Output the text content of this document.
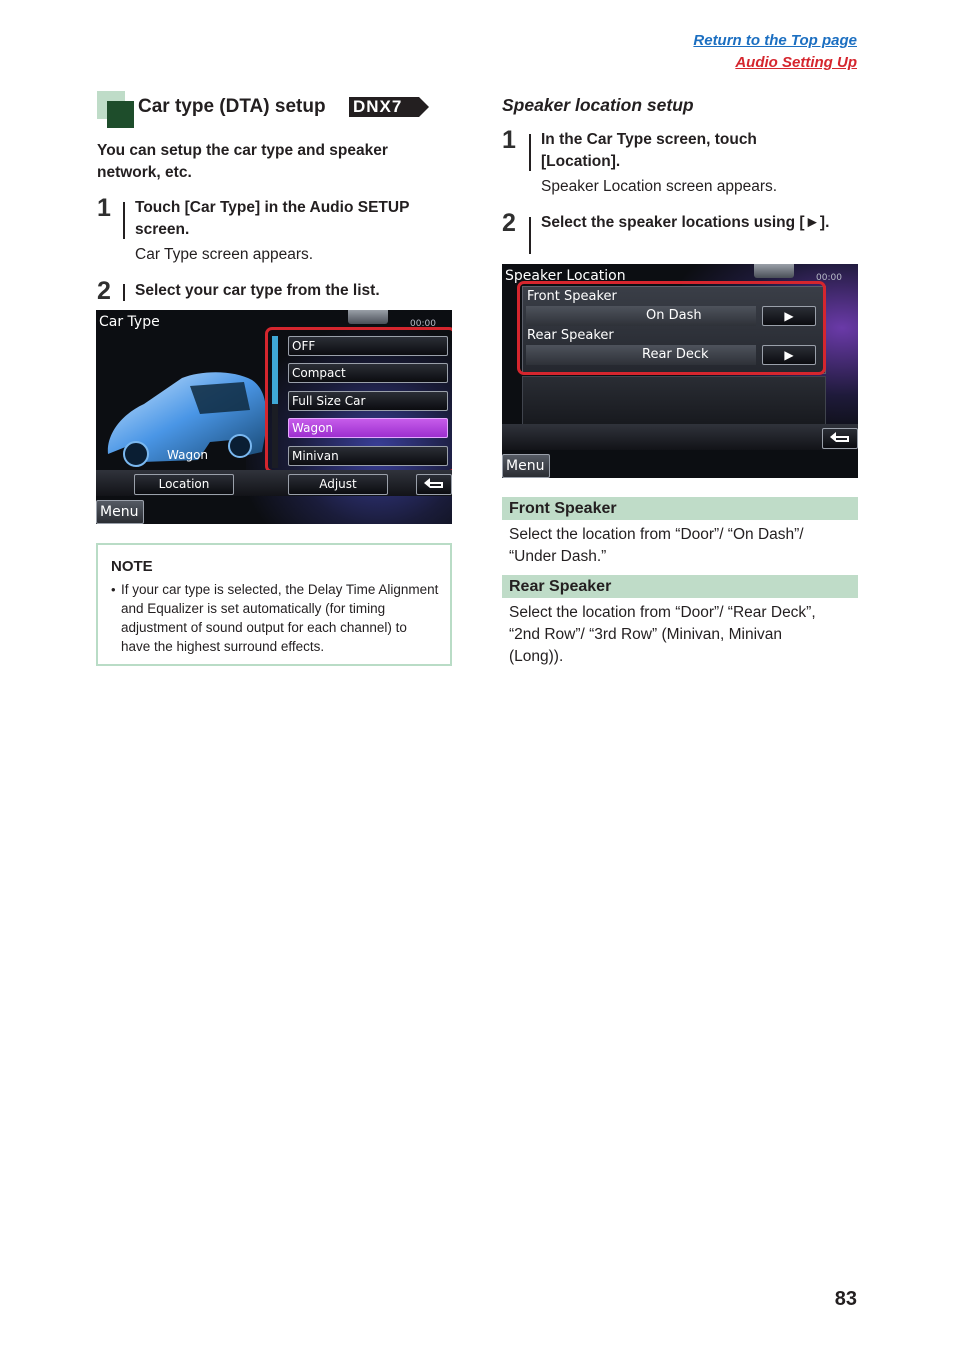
Return to the Top page
Audio Setting Up
Car type (DTA) setup DNX7
You can setup the car type and speaker network, etc.
1 Touch [Car Type] in the Audio SETUP screen.
Car Type screen appears.
2 Select your car type from the list.
Car Type	00:00
Wagon
OFF
Compact
Full Size Car
Wagon
Minivan
Location	Adjust
Menu
NOTE
• If your car type is selected, the Delay Time Alignment and Equalizer is set automatically (for timing adjustment of sound output for each channel) to have the highest surround effects.
Speaker location setup
1 In the Car Type screen, touch [Location].
Speaker Location screen appears.
2 Select the speaker locations using [►].
Speaker Location	00:00
Front Speaker
On Dash	▶
Rear Speaker
Rear Deck	▶
Menu
Front Speaker
Select the location from “Door”/ “On Dash”/ “Under Dash.”
Rear Speaker
Select the location from “Door”/ “Rear Deck”, “2nd Row”/ “3rd Row” (Minivan, Minivan (Long)).
83
